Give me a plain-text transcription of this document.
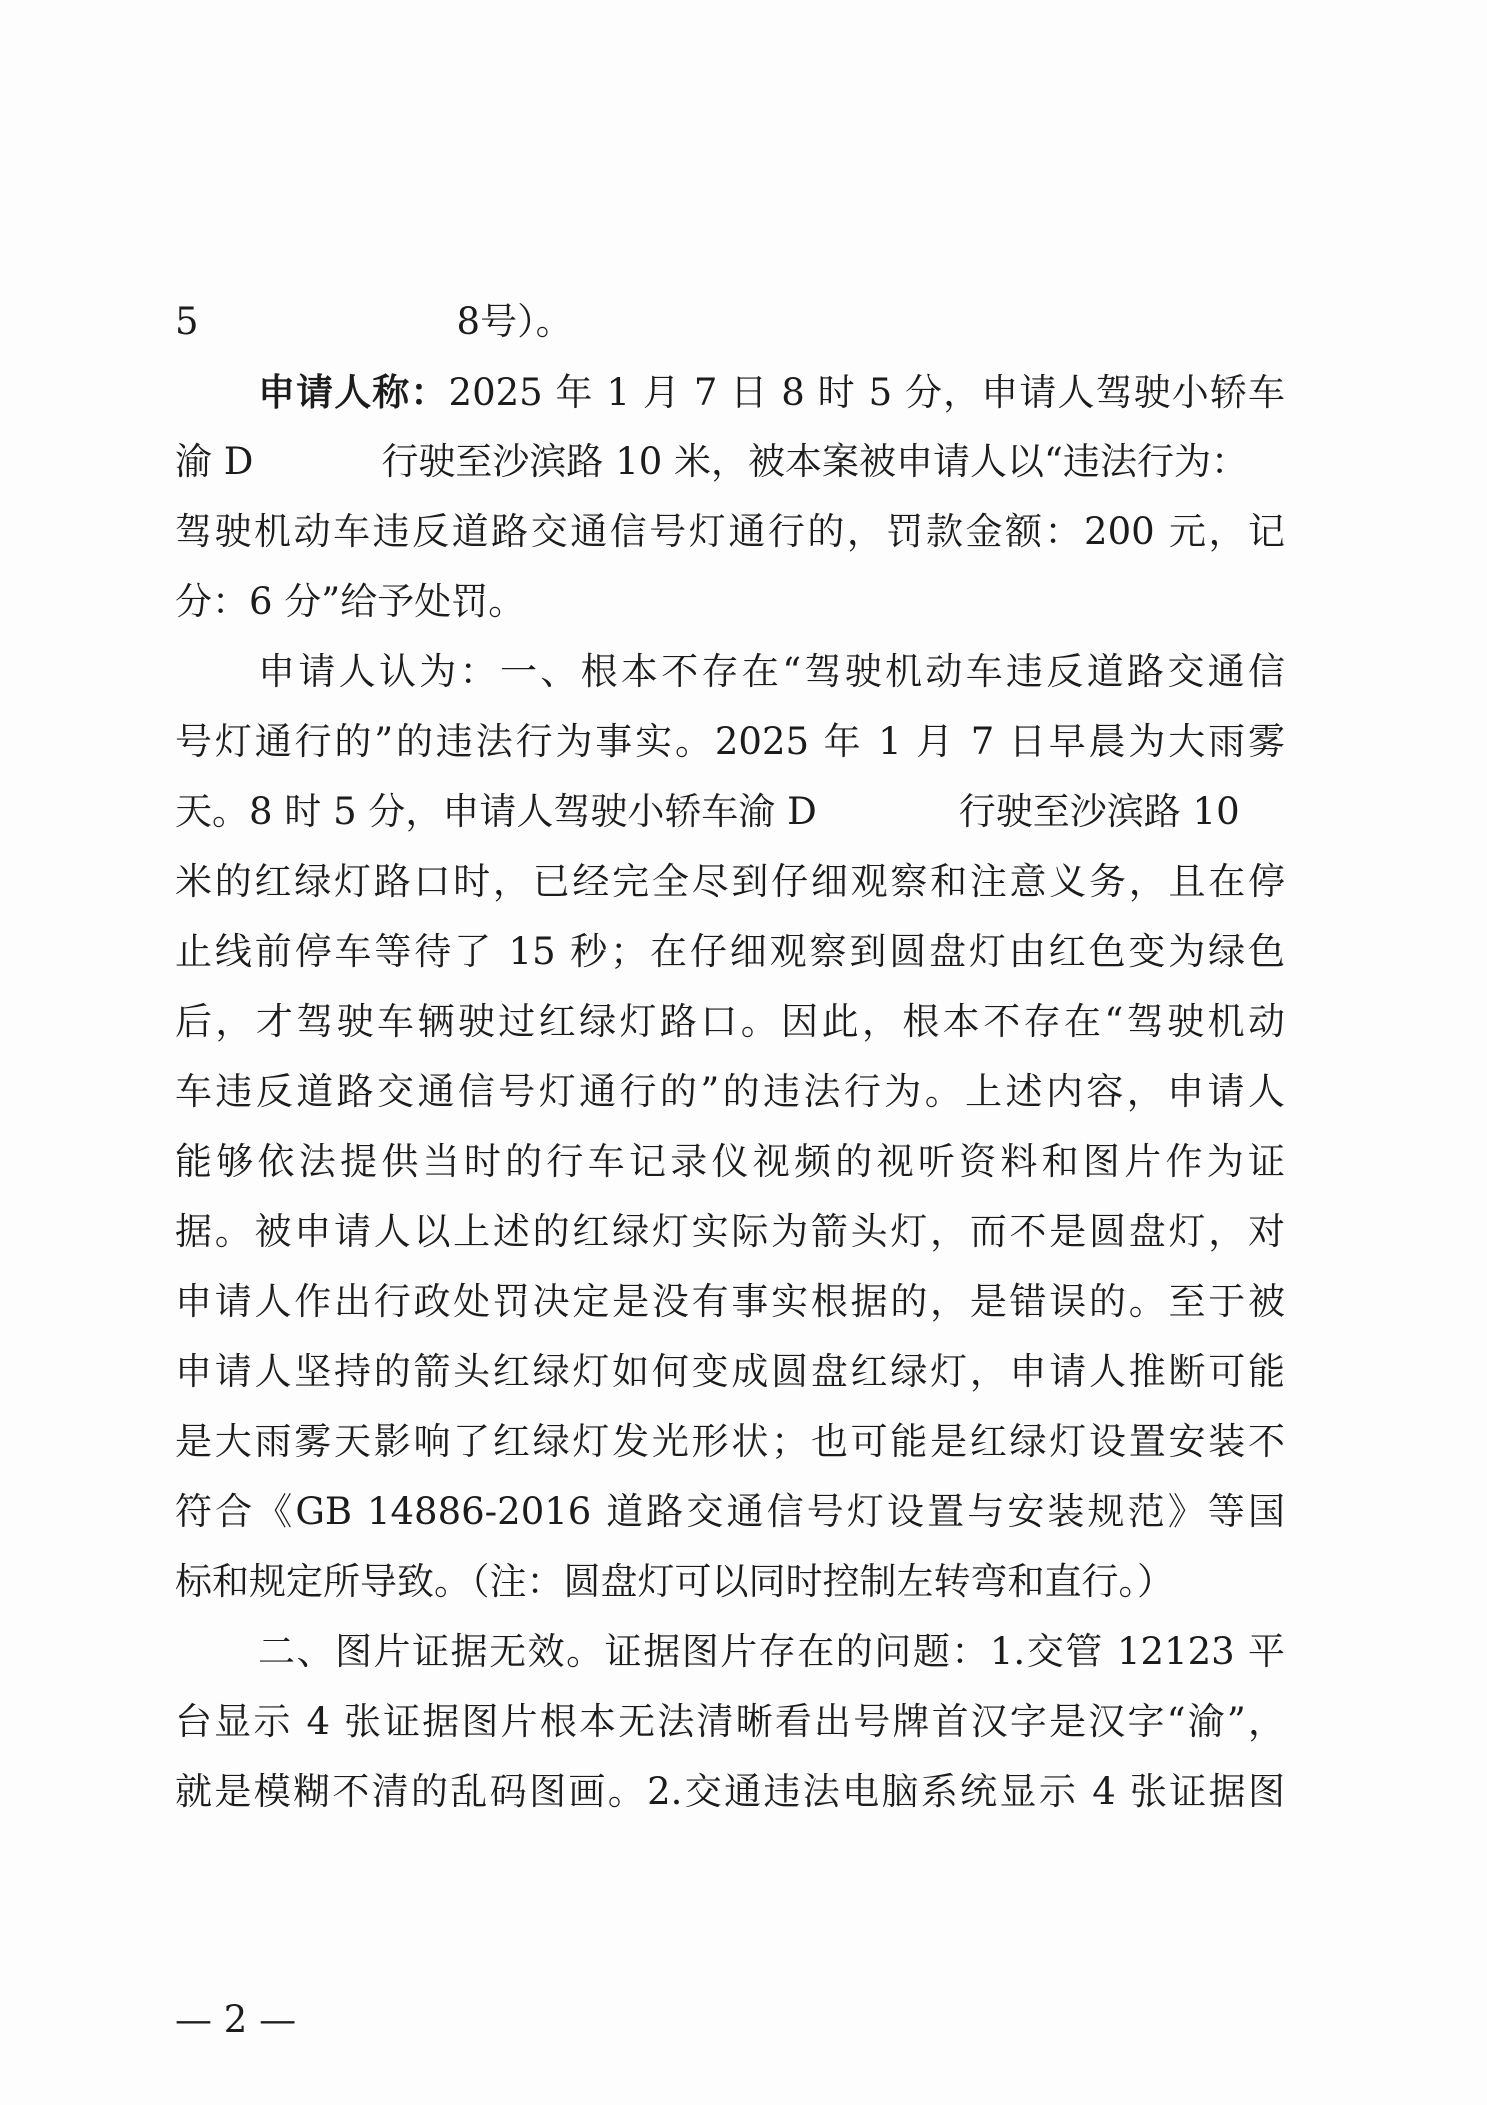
5	8号）。
申请人称：2025 年 1 月 7 日 8 时 5 分，申请人驾驶小轿车
渝 D	行驶至沙滨路 10 米，被本案被申请人以“违法行为：
驾驶机动车违反道路交通信号灯通行的，罚款金额：200 元，记
分：6 分”给予处罚。
申请人认为：一、根本不存在“驾驶机动车违反道路交通信
号灯通行的”的违法行为事实。2025 年 1 月 7 日早晨为大雨雾
天。8 时 5 分，申请人驾驶小轿车渝 D	行驶至沙滨路 10
米的红绿灯路口时，已经完全尽到仔细观察和注意义务，且在停
止线前停车等待了 15 秒；在仔细观察到圆盘灯由红色变为绿色
后，才驾驶车辆驶过红绿灯路口。因此，根本不存在“驾驶机动
车违反道路交通信号灯通行的”的违法行为。上述内容，申请人
能够依法提供当时的行车记录仪视频的视听资料和图片作为证
据。被申请人以上述的红绿灯实际为箭头灯，而不是圆盘灯，对
申请人作出行政处罚决定是没有事实根据的，是错误的。至于被
申请人坚持的箭头红绿灯如何变成圆盘红绿灯，申请人推断可能
是大雨雾天影响了红绿灯发光形状；也可能是红绿灯设置安装不
符合《GB 14886-2016 道路交通信号灯设置与安装规范》等国
标和规定所导致。（注：圆盘灯可以同时控制左转弯和直行。）
二、图片证据无效。证据图片存在的问题：1.交管 12123 平
台显示 4 张证据图片根本无法清晰看出号牌首汉字是汉字“渝”，
就是模糊不清的乱码图画。2.交通违法电脑系统显示 4 张证据图
— 2 —
